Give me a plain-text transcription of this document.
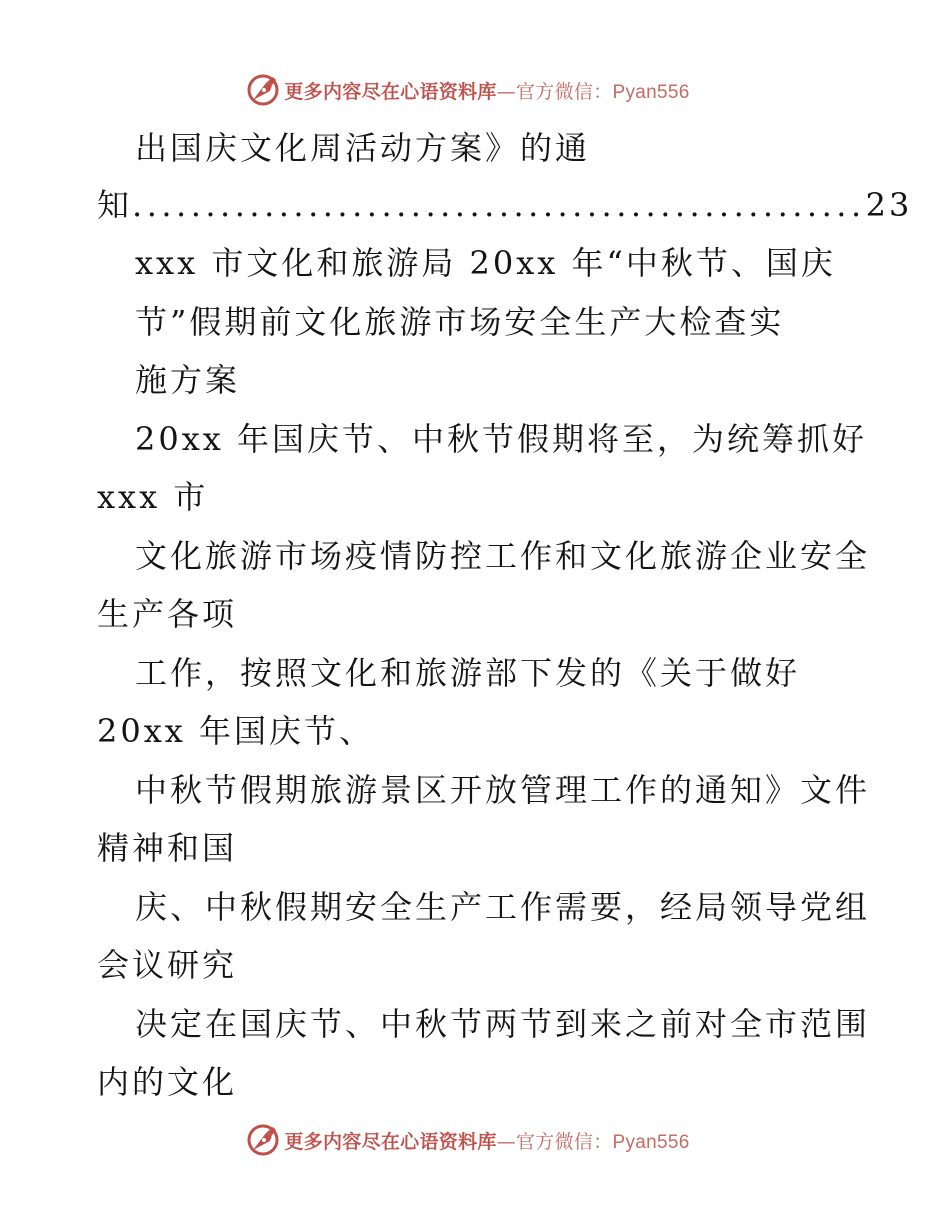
更多内容尽在心语资料库—官方微信：Pyan556
出国庆文化周活动方案》的通
知 .................................................. 23
xxx 市文化和旅游局 20xx 年“中秋节、国庆
节”假期前文化旅游市场安全生产大检查实
施方案
20xx 年国庆节、中秋节假期将至，为统筹抓好
xxx 市
文化旅游市场疫情防控工作和文化旅游企业安全
生产各项
工作，按照文化和旅游部下发的《关于做好
20xx 年国庆节、
中秋节假期旅游景区开放管理工作的通知》文件
精神和国
庆、中秋假期安全生产工作需要，经局领导党组
会议研究
决定在国庆节、中秋节两节到来之前对全市范围
内的文化
更多内容尽在心语资料库—官方微信：Pyan556
